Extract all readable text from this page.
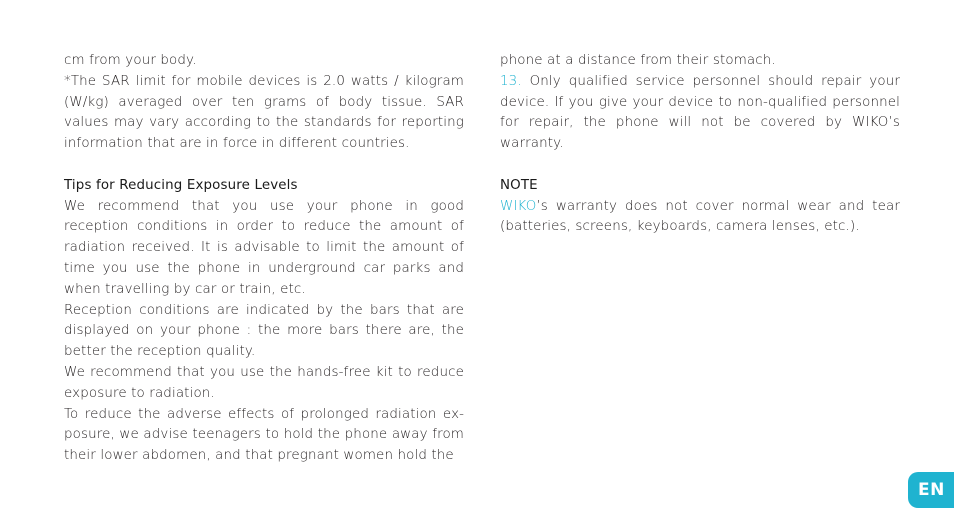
cm from your body.

*The SAR limit for mobile devices is 2.0 watts / kilogram (W/kg) averaged over ten grams of body tissue. SAR values may vary according to the standards for reporting information that are in force in different countries.

Tips for Reducing Exposure Levels

We recommend that you use your phone in good reception conditions in order to reduce the amount of radiation received. It is advisable to limit the amount of time you use the phone in underground car parks and when travelling by car or train, etc.

Reception conditions are indicated by the bars that are displayed on your phone : the more bars there are, the better the reception quality.

We recommend that you use the hands-free kit to reduce exposure to radiation.

To reduce the adverse effects of prolonged radiation exposure, we advise teenagers to hold the phone away from their lower abdomen, and that pregnant women hold the

phone at a distance from their stomach.

13. Only qualified service personnel should repair your device. If you give your device to non-qualified personnel for repair, the phone will not be covered by WIKO’s warranty.

NOTE

WIKO’s warranty does not cover normal wear and tear (batteries, screens, keyboards, camera lenses, etc.).

EN
